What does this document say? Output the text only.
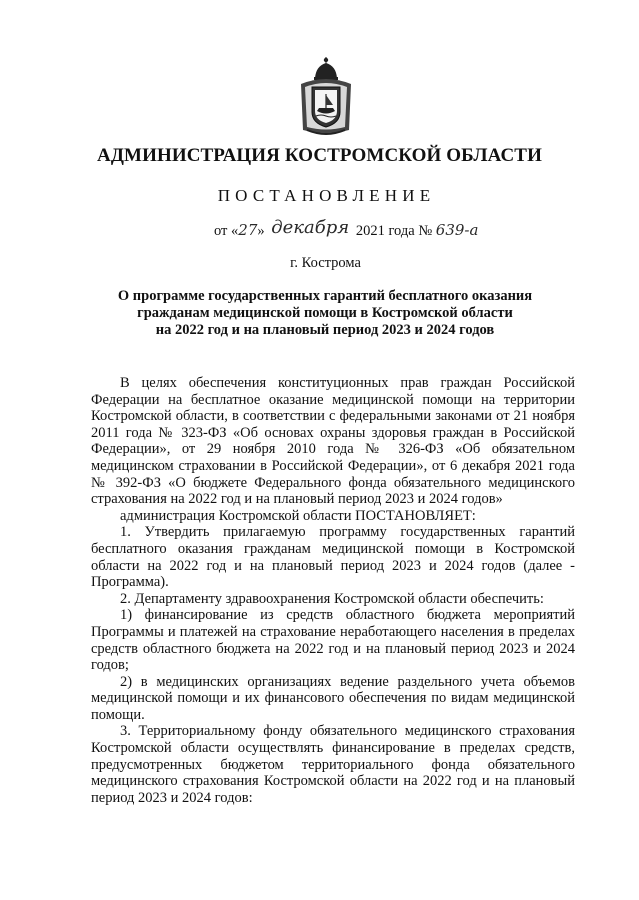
АДМИНИСТРАЦИЯ КОСТРОМСКОЙ ОБЛАСТИ
ПОСТАНОВЛЕНИЕ
от «27» декабря 2021 года № 639-а
г. Кострома
О программе государственных гарантий бесплатного оказания
гражданам медицинской помощи в Костромской области
на 2022 год и на плановый период 2023 и 2024 годов

В целях обеспечения конституционных прав граждан Российской Федерации на бесплатное оказание медицинской помощи на территории Костромской области, в соответствии с федеральными законами от 21 ноября 2011 года № 323-ФЗ «Об основах охраны здоровья граждан в Российской Федерации», от 29 ноября 2010 года № 326-ФЗ «Об обязательном медицинском страховании в Российской Федерации», от 6 декабря 2021 года № 392-ФЗ «О бюджете Федерального фонда обязательного медицинского страхования на 2022 год и на плановый период 2023 и 2024 годов»

администрация Костромской области ПОСТАНОВЛЯЕТ:

1. Утвердить прилагаемую программу государственных гарантий бесплатного оказания гражданам медицинской помощи в Костромской области на 2022 год и на плановый период 2023 и 2024 годов (далее - Программа).

2. Департаменту здравоохранения Костромской области обеспечить:

1) финансирование из средств областного бюджета мероприятий Программы и платежей на страхование неработающего населения в пределах средств областного бюджета на 2022 год и на плановый период 2023 и 2024 годов;

2) в медицинских организациях ведение раздельного учета объемов медицинской помощи и их финансового обеспечения по видам медицинской помощи.

3. Территориальному фонду обязательного медицинского страхования Костромской области осуществлять финансирование в пределах средств, предусмотренных бюджетом территориального фонда обязательного медицинского страхования Костромской области на 2022 год и на плановый период 2023 и 2024 годов:
